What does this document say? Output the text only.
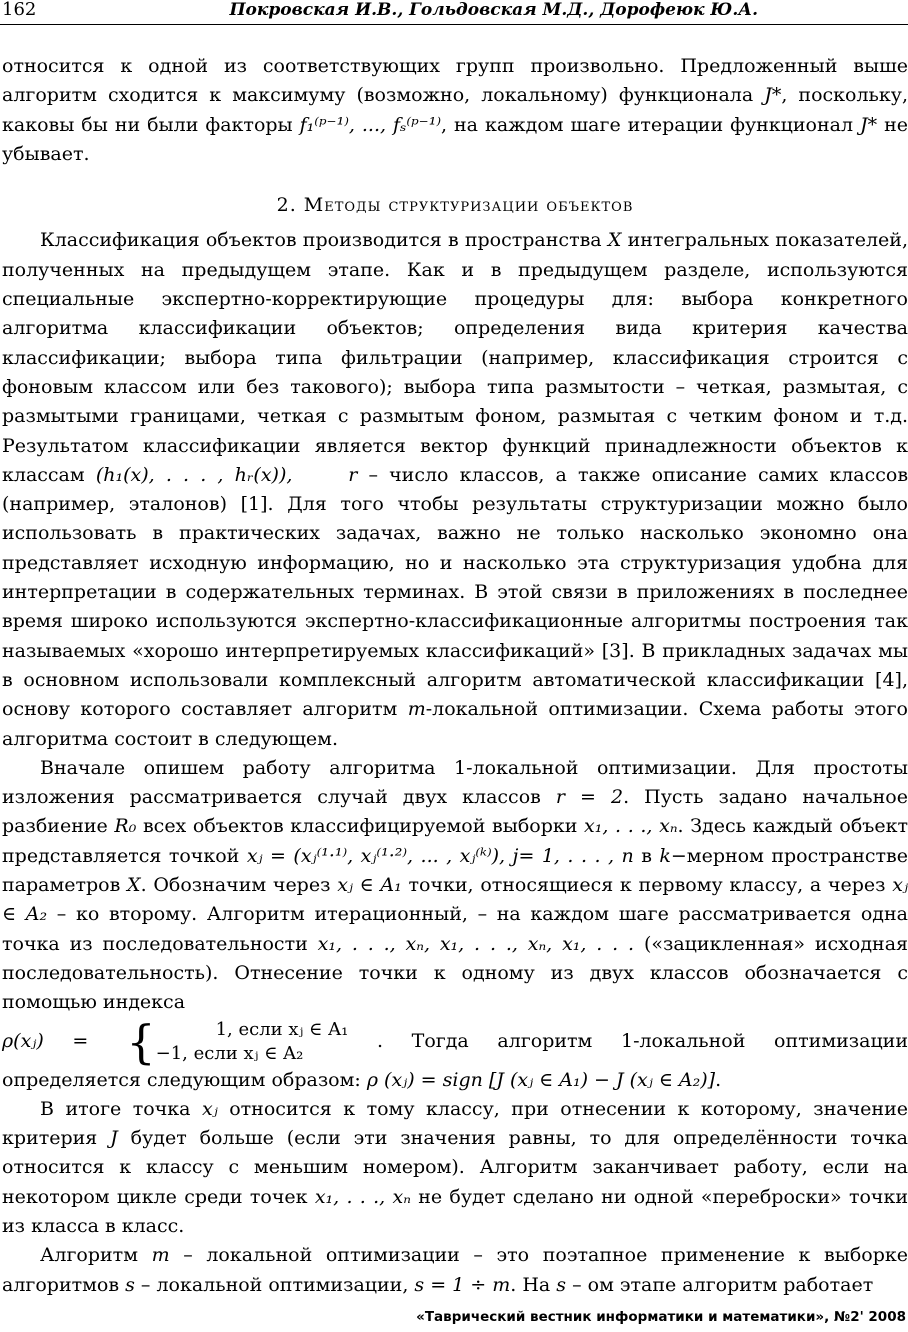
162	Покровская И.В., Гольдовская М.Д., Дорофеюк Ю.А.

относится к одной из соответствующих групп произвольно. Предложенный выше алгоритм сходится к максимуму (возможно, локальному) функционала J*, поскольку, каковы бы ни были факторы f₁⁽ᵖ⁻¹⁾, ..., fₛ⁽ᵖ⁻¹⁾, на каждом шаге итерации функционал J* не убывает.

2. Методы структуризации объектов

Классификация объектов производится в пространства X интегральных показателей, полученных на предыдущем этапе. Как и в предыдущем разделе, используются специальные экспертно-корректирующие процедуры для: выбора конкретного алгоритма классификации объектов; определения вида критерия качества классификации; выбора типа фильтрации (например, классификация строится с фоновым классом или без такового); выбора типа размытости – четкая, размытая, с размытыми границами, четкая с размытым фоном, размытая с четким фоном и т.д. Результатом классификации является вектор функций принадлежности объектов к классам (h₁(x), . . . , hᵣ(x)),	r – число классов, а также описание самих классов (например, эталонов) [1]. Для того чтобы результаты структуризации можно было использовать в практических задачах, важно не только насколько экономно она представляет исходную информацию, но и насколько эта структуризация удобна для интерпретации в содержательных терминах. В этой связи в приложениях в последнее время широко используются экспертно-классификационные алгоритмы построения так называемых «хорошо интерпретируемых классификаций» [3]. В прикладных задачах мы в основном использовали комплексный алгоритм автоматической классификации [4], основу которого составляет алгоритм m-локальной оптимизации. Схема работы этого алгоритма состоит в следующем.

Вначале опишем работу алгоритма 1-локальной оптимизации. Для простоты изложения рассматривается случай двух классов r = 2. Пусть задано начальное разбиение R₀ всех объектов классифицируемой выборки x₁, . . ., xₙ. Здесь каждый объект представляется точкой xⱼ = (xⱼ⁽¹·¹⁾, xⱼ⁽¹·²⁾, ... , xⱼ⁽ᵏ⁾), j= 1, . . . , n в k−мерном пространстве параметров X. Обозначим через xⱼ ∈ A₁ точки, относящиеся к первому классу, а через xⱼ ∈ A₂ – ко второму. Алгоритм итерационный, – на каждом шаге рассматривается одна точка из последовательности x₁, . . ., xₙ, x₁, . . ., xₙ, x₁, . . . («зацикленная» исходная последовательность). Отнесение точки к одному из двух классов обозначается с помощью индекса
ρ(xⱼ) = {	1, если xⱼ ∈ A₁
−1, если xⱼ ∈ A₂ . Тогда алгоритм 1-локальной оптимизации определяется следующим образом: ρ (xⱼ) = sign [J (xⱼ ∈ A₁) − J (xⱼ ∈ A₂)].

В итоге точка xⱼ относится к тому классу, при отнесении к которому, значение критерия J будет больше (если эти значения равны, то для определённости точка относится к классу с меньшим номером). Алгоритм заканчивает работу, если на некотором цикле среди точек x₁, . . ., xₙ не будет сделано ни одной «переброски» точки из класса в класс.

Алгоритм m – локальной оптимизации – это поэтапное применение к выборке алгоритмов s – локальной оптимизации, s = 1 ÷ m. На s – ом этапе алгоритм работает

«Таврический вестник информатики и математики», №2' 2008
